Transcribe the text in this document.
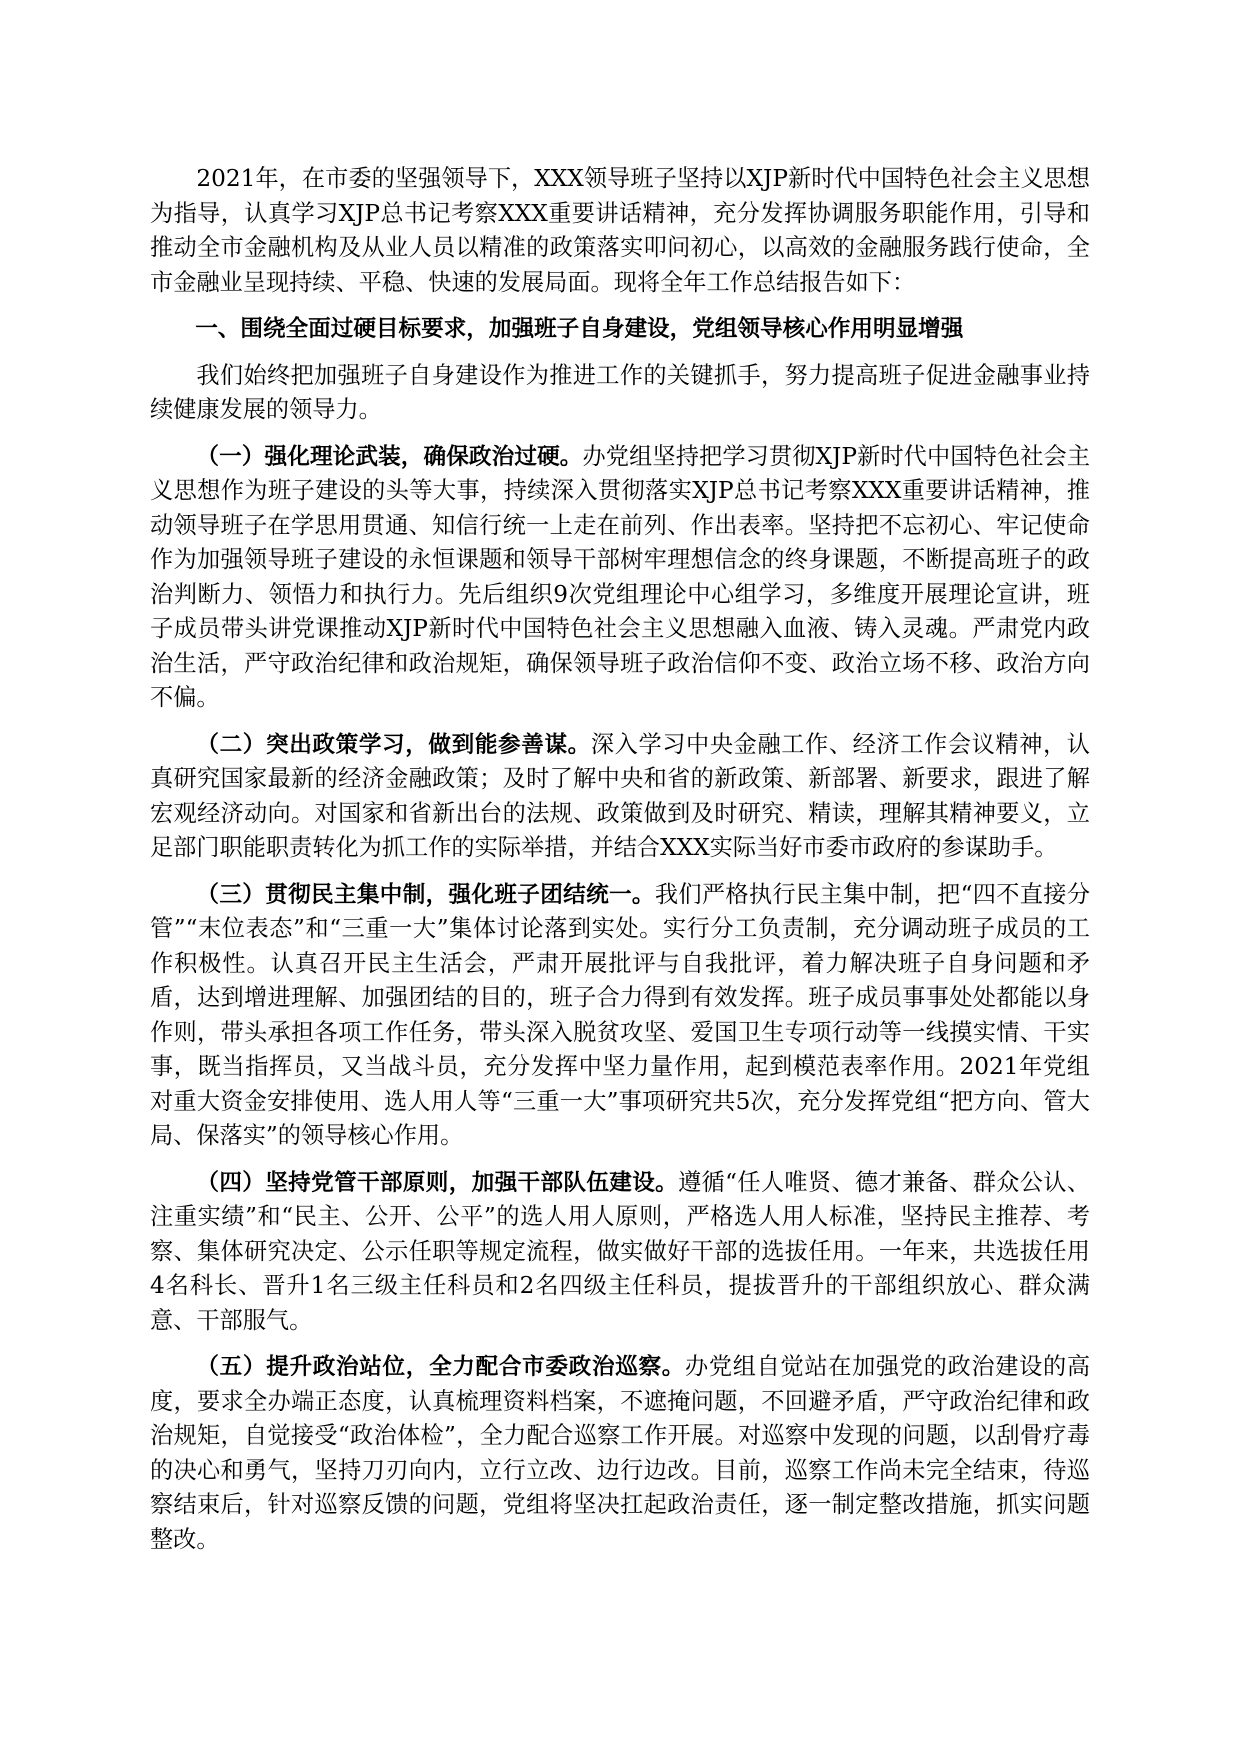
2021年，在市委的坚强领导下，XXX领导班子坚持以XJP新时代中国特色社会主义思想为指导，认真学习XJP总书记考察XXX重要讲话精神，充分发挥协调服务职能作用，引导和推动全市金融机构及从业人员以精准的政策落实叩问初心，以高效的金融服务践行使命，全市金融业呈现持续、平稳、快速的发展局面。现将全年工作总结报告如下：

一、围绕全面过硬目标要求，加强班子自身建设，党组领导核心作用明显增强

我们始终把加强班子自身建设作为推进工作的关键抓手，努力提高班子促进金融事业持续健康发展的领导力。

（一）强化理论武装，确保政治过硬。办党组坚持把学习贯彻XJP新时代中国特色社会主义思想作为班子建设的头等大事，持续深入贯彻落实XJP总书记考察XXX重要讲话精神，推动领导班子在学思用贯通、知信行统一上走在前列、作出表率。坚持把不忘初心、牢记使命作为加强领导班子建设的永恒课题和领导干部树牢理想信念的终身课题，不断提高班子的政治判断力、领悟力和执行力。先后组织9次党组理论中心组学习，多维度开展理论宣讲，班子成员带头讲党课推动XJP新时代中国特色社会主义思想融入血液、铸入灵魂。严肃党内政治生活，严守政治纪律和政治规矩，确保领导班子政治信仰不变、政治立场不移、政治方向不偏。

（二）突出政策学习，做到能参善谋。深入学习中央金融工作、经济工作会议精神，认真研究国家最新的经济金融政策；及时了解中央和省的新政策、新部署、新要求，跟进了解宏观经济动向。对国家和省新出台的法规、政策做到及时研究、精读，理解其精神要义，立足部门职能职责转化为抓工作的实际举措，并结合XXX实际当好市委市政府的参谋助手。

（三）贯彻民主集中制，强化班子团结统一。我们严格执行民主集中制，把“四不直接分管”“末位表态”和“三重一大”集体讨论落到实处。实行分工负责制，充分调动班子成员的工作积极性。认真召开民主生活会，严肃开展批评与自我批评，着力解决班子自身问题和矛盾，达到增进理解、加强团结的目的，班子合力得到有效发挥。班子成员事事处处都能以身作则，带头承担各项工作任务，带头深入脱贫攻坚、爱国卫生专项行动等一线摸实情、干实事，既当指挥员，又当战斗员，充分发挥中坚力量作用，起到模范表率作用。2021年党组对重大资金安排使用、选人用人等“三重一大”事项研究共5次，充分发挥党组“把方向、管大局、保落实”的领导核心作用。

（四）坚持党管干部原则，加强干部队伍建设。遵循“任人唯贤、德才兼备、群众公认、注重实绩”和“民主、公开、公平”的选人用人原则，严格选人用人标准，坚持民主推荐、考察、集体研究决定、公示任职等规定流程，做实做好干部的选拔任用。一年来，共选拔任用4名科长、晋升1名三级主任科员和2名四级主任科员，提拔晋升的干部组织放心、群众满意、干部服气。

（五）提升政治站位，全力配合市委政治巡察。办党组自觉站在加强党的政治建设的高度，要求全办端正态度，认真梳理资料档案，不遮掩问题，不回避矛盾，严守政治纪律和政治规矩，自觉接受“政治体检”，全力配合巡察工作开展。对巡察中发现的问题，以刮骨疗毒的决心和勇气，坚持刀刃向内，立行立改、边行边改。目前，巡察工作尚未完全结束，待巡察结束后，针对巡察反馈的问题，党组将坚决扛起政治责任，逐一制定整改措施，抓实问题整改。
